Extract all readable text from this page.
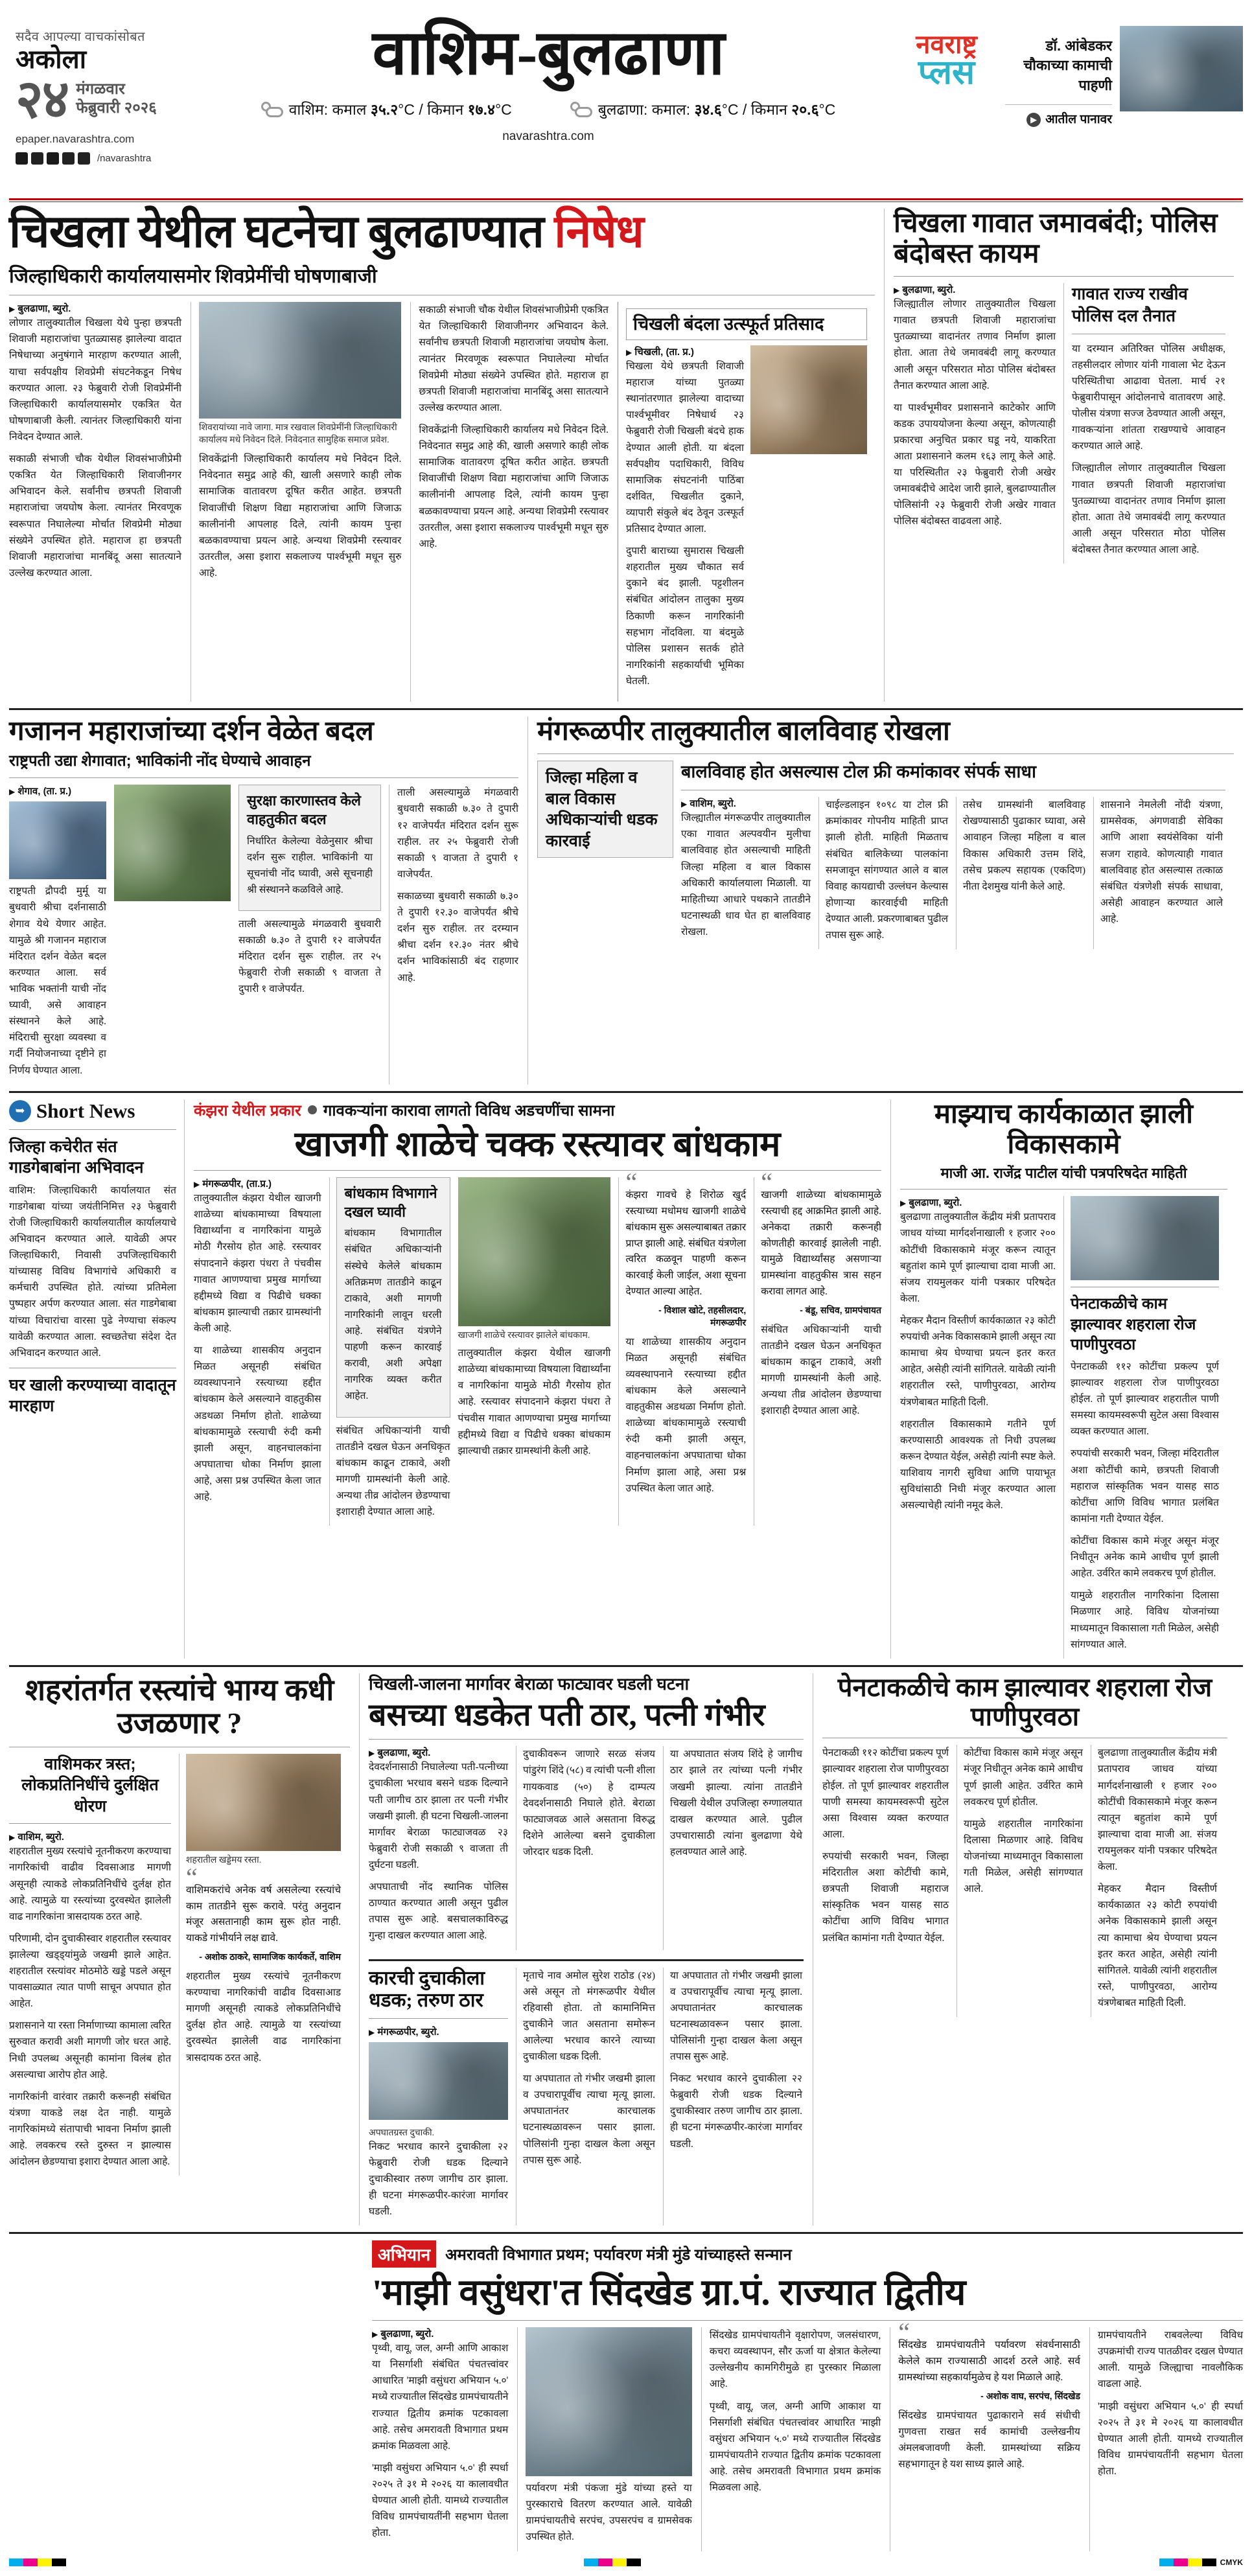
सदैव आपल्या वाचकांसोबत
अकोला
२४ मंगळवार
फेब्रुवारी २०२६
epaper.navarashtra.com
/navarashtra
वाशिम-बुलढाणा
वाशिम: कमाल ३५.२°C / किमान १७.४°C	बुलढाणा: कमाल: ३४.६°C / किमान २०.६°C
navarashtra.com
नवराष्ट्र
प्लस
डॉ. आंबेडकर चौकाच्या कामाची पाहणी
▶ आतील पानावर
चिखला येथील घटनेचा बुलढाण्यात निषेध
जिल्हाधिकारी कार्यालयासमोर शिवप्रेमींची घोषणाबाजी
▶ बुलढाणा, ब्युरो.

लोणार तालुक्यातील चिखला येथे पुन्हा छत्रपती शिवाजी महाराजांचा पुतळ्यासह झालेल्या वादात निषेधाच्या अनुषंगाने मारहाण करण्यात आली, याचा सर्वपक्षीय शिवप्रेमी संघटनेकडून निषेध करण्यात आला. २३ फेब्रुवारी रोजी शिवप्रेमींनी जिल्हाधिकारी कार्यालयासमोर एकत्रित येत घोषणाबाजी केली. त्यानंतर जिल्हाधिकारी यांना निवेदन देण्यात आले.

सकाळी संभाजी चौक येथील शिवसंभाजीप्रेमी एकत्रित येत जिल्हाधिकारी शिवाजीनगर अभिवादन केले. सर्वांनीच छत्रपती शिवाजी महाराजांचा जयघोष केला. त्यानंतर मिरवणूक स्वरूपात निघालेल्या मोर्चात शिवप्रेमी मोठ्या संख्येने उपस्थित होते. महाराज हा छत्रपती शिवाजी महाराजांचा मानबिंदू असा सातत्याने उल्लेख करण्यात आला.

शिवरायांच्या नावे जागा. मात्र रखवाल शिवप्रेमींनी जिल्हाधिकारी कार्यालय मधे निवेदन दिले. निवेदनात सामुहिक समाज प्रवेश.

शिवकेंद्रांनी जिल्हाधिकारी कार्यालय मधे निवेदन दिले. निवेदनात समुद्र आहे की, खाली असणारे काही लोक सामाजिक वातावरण दूषित करीत आहेत. छत्रपती शिवाजींची शिक्षण विद्या महाराजांचा आणि जिजाऊ कालीनांनी आपलाह दिले, त्यांनी कायम पुन्हा बळकावण्याचा प्रयत्न आहे. अन्यथा शिवप्रेमी रस्त्यावर उतरतील, असा इशारा सकलाज्य पार्श्वभूमी मधून सुरु आहे.

सकाळी संभाजी चौक येथील शिवसंभाजीप्रेमी एकत्रित येत जिल्हाधिकारी शिवाजीनगर अभिवादन केले. सर्वांनीच छत्रपती शिवाजी महाराजांचा जयघोष केला. त्यानंतर मिरवणूक स्वरूपात निघालेल्या मोर्चात शिवप्रेमी मोठ्या संख्येने उपस्थित होते. महाराज हा छत्रपती शिवाजी महाराजांचा मानबिंदू असा सातत्याने उल्लेख करण्यात आला.

शिवकेंद्रांनी जिल्हाधिकारी कार्यालय मधे निवेदन दिले. निवेदनात समुद्र आहे की, खाली असणारे काही लोक सामाजिक वातावरण दूषित करीत आहेत. छत्रपती शिवाजींची शिक्षण विद्या महाराजांचा आणि जिजाऊ कालीनांनी आपलाह दिले, त्यांनी कायम पुन्हा बळकावण्याचा प्रयत्न आहे. अन्यथा शिवप्रेमी रस्त्यावर उतरतील, असा इशारा सकलाज्य पार्श्वभूमी मधून सुरु आहे.

चिखली बंदला उत्स्फूर्त प्रतिसाद
▶ चिखली, (ता. प्र.)

चिखला येथे छत्रपती शिवाजी महाराज यांच्या पुतळ्या स्थानांतरणात झालेल्या वादाच्या पार्श्वभूमीवर निषेधार्थ २३ फेब्रुवारी रोजी चिखली बंदचे हाक देण्यात आली होती. या बंदला सर्वपक्षीय पदाधिकारी, विविध सामाजिक संघटनांनी पाठिंबा दर्शवित, चिखलीत दुकाने, व्यापारी संकुले बंद ठेवून उत्स्फूर्त प्रतिसाद देण्यात आला.

दुपारी बाराच्या सुमारास चिखली शहरातील मुख्य चौकात सर्व दुकाने बंद झाली. पट्टशीलन संबंधित आंदोलन तालुका मुख्य ठिकाणी करून नागरिकांनी सहभाग नोंदविला. या बंदमुळे पोलिस प्रशासन सतर्क होते नागरिकांनी सहकार्याची भूमिका घेतली.

चिखला गावात जमावबंदी; पोलिस बंदोबस्त कायम
▶ बुलढाणा, ब्युरो.

जिल्ह्यातील लोणार तालुक्यातील चिखला गावात छत्रपती शिवाजी महाराजांचा पुतळ्याच्या वादानंतर तणाव निर्माण झाला होता. आता तेथे जमावबंदी लागू करण्यात आली असून परिसरात मोठा पोलिस बंदोबस्त तैनात करण्यात आला आहे.

या पार्श्वभूमीवर प्रशासनाने काटेकोर आणि कडक उपाययोजना केल्या असून, कोणत्याही प्रकारचा अनुचित प्रकार घडू नये, याकरिता आता प्रशासनाने कलम १६३ लागू केले आहे. या परिस्थितीत २३ फेब्रुवारी रोजी अखेर जमावबंदीचे आदेश जारी झाले, बुलढाण्यातील पोलिसांनी २३ फेब्रुवारी रोजी अखेर गावात पोलिस बंदोबस्त वाढवला आहे.

गावात राज्य राखीव पोलिस दल तैनात

या दरम्यान अतिरिक्त पोलिस अधीक्षक, तहसीलदार लोणार यांनी गावाला भेट देऊन परिस्थितीचा आढावा घेतला. मार्च २१ फेब्रुवारीपासून आंदोलनाचे वातावरण आहे. पोलीस यंत्रणा सज्ज ठेवण्यात आली असून, गावकऱ्यांना शांतता राखण्याचे आवाहन करण्यात आले आहे.

जिल्ह्यातील लोणार तालुक्यातील चिखला गावात छत्रपती शिवाजी महाराजांचा पुतळ्याच्या वादानंतर तणाव निर्माण झाला होता. आता तेथे जमावबंदी लागू करण्यात आली असून परिसरात मोठा पोलिस बंदोबस्त तैनात करण्यात आला आहे.

गजानन महाराजांच्या दर्शन वेळेत बदल
राष्ट्रपती उद्या शेगावात; भाविकांनी नोंद घेण्याचे आवाहन
▶ शेगाव, (ता. प्र.)

राष्ट्रपती द्रौपदी मुर्मू या बुधवारी श्रीचा दर्शनासाठी शेगाव येथे येणार आहेत. यामुळे श्री गजानन महाराज मंदिरात दर्शन वेळेत बदल करण्यात आला. सर्व भाविक भक्तांनी याची नोंद घ्यावी, असे आवाहन संस्थानने केले आहे. मंदिराची सुरक्षा व्यवस्था व गर्दी नियोजनाच्या दृष्टीने हा निर्णय घेण्यात आला.

सुरक्षा कारणास्तव केले वाहतुकीत बदल

निर्धारित केलेल्या वेळेनुसार श्रीचा दर्शन सुरू राहील. भाविकांनी या सूचनांची नोंद घ्यावी, असे सूचनाही श्री संस्थानने कळविले आहे.

ताली असल्यामुळे मंगळवारी बुधवारी सकाळी ७.३० ते दुपारी १२ वाजेपर्यंत मंदिरात दर्शन सुरू राहील. तर २५ फेब्रुवारी रोजी सकाळी ९ वाजता ते दुपारी १ वाजेपर्यंत.

ताली असल्यामुळे मंगळवारी बुधवारी सकाळी ७.३० ते दुपारी १२ वाजेपर्यंत मंदिरात दर्शन सुरू राहील. तर २५ फेब्रुवारी रोजी सकाळी ९ वाजता ते दुपारी १ वाजेपर्यंत.

सकाळच्या बुधवारी सकाळी ७.३० ते दुपारी १२.३० वाजेपर्यंत श्रीचे दर्शन सुरु राहील. तर दरम्यान श्रीचा दर्शन १२.३० नंतर श्रीचे दर्शन भाविकांसाठी बंद राहणार आहे.

मंगरूळपीर तालुक्यातील बालविवाह रोखला
जिल्हा महिला व बाल विकास अधिकाऱ्यांची धडक कारवाई
बालविवाह होत असल्यास टोल फ्री कमांकावर संपर्क साधा
▶ वाशिम, ब्युरो.

जिल्ह्यातील मंगरूळपीर तालुक्यातील एका गावात अल्पवयीन मुलीचा बालविवाह होत असल्याची माहिती जिल्हा महिला व बाल विकास अधिकारी कार्यालयाला मिळाली. या माहितीच्या आधारे पथकाने तातडीने घटनास्थळी धाव घेत हा बालविवाह रोखला.

चाईल्डलाइन १०९८ या टोल फ्री क्रमांकावर गोपनीय माहिती प्राप्त झाली होती. माहिती मिळताच संबंधित बालिकेच्या पालकांना समजावून सांगण्यात आले व बाल विवाह कायद्याची उल्लंघन केल्यास होणाऱ्या कारवाईची माहिती देण्यात आली. प्रकरणाबाबत पुढील तपास सुरू आहे.

तसेच ग्रामस्थांनी बालविवाह रोखण्यासाठी पुढाकार घ्यावा, असे आवाहन जिल्हा महिला व बाल विकास अधिकारी उत्तम शिंदे, तसेच प्रकल्प सहायक (एकदिण) नीता देशमुख यांनी केले आहे.

शासनाने नेमलेली नोंदी यंत्रणा, ग्रामसेवक, अंगणवाडी सेविका आणि आशा स्वयंसेविका यांनी सजग राहावे. कोणत्याही गावात बालविवाह होत असल्यास तत्काळ संबंधित यंत्रणेशी संपर्क साधावा, असेही आवाहन करण्यात आले आहे.

➥ Short News
जिल्हा कचेरीत संत गाडगेबाबांना अभिवादन

वाशिम: जिल्हाधिकारी कार्यालयात संत गाडगेबाबा यांच्या जयंतीनिमित्त २३ फेब्रुवारी रोजी जिल्हाधिकारी कार्यालयातील कार्यालयाचे अभिवादन करण्यात आले. यावेळी अपर जिल्हाधिकारी, निवासी उपजिल्हाधिकारी यांच्यासह विविध विभागांचे अधिकारी व कर्मचारी उपस्थित होते. त्यांच्या प्रतिमेला पुष्पहार अर्पण करण्यात आला. संत गाडगेबाबा यांच्या विचारांचा वारसा पुढे नेण्याचा संकल्प यावेळी करण्यात आला. स्वच्छतेचा संदेश देत अभिवादन करण्यात आले.

घर खाली करण्याच्या वादातून मारहाण

कंझरा येथील प्रकार गावकऱ्यांना कारावा लागतो विविध अडचणींचा सामना
खाजगी शाळेचे चक्क रस्त्यावर बांधकाम
▶ मंगरूळपीर, (ता.प्र.)

तालुक्यातील कंझरा येथील खाजगी शाळेच्या बांधकामाच्या विषयाला विद्यार्थ्यांना व नागरिकांना यामुळे मोठी गैरसोय होत आहे. रस्त्यावर संपादनाने कंझरा पंधरा ते पंचवीस गावात आणण्याचा प्रमुख मार्गाच्या हद्दीमध्ये विद्या व पिढीचे धक्का बांधकाम झाल्याची तक्रार ग्रामस्थांनी केली आहे.

या शाळेच्या शासकीय अनुदान मिळत असूनही संबंधित व्यवस्थापनाने रस्त्याच्या हद्दीत बांधकाम केले असल्याने वाहतुकीस अडथळा निर्माण होतो. शाळेच्या बांधकामामुळे रस्त्याची रुंदी कमी झाली असून, वाहनचालकांना अपघाताचा धोका निर्माण झाला आहे, असा प्रश्न उपस्थित केला जात आहे.

बांधकाम विभागाने दखल घ्यावी

बांधकाम विभागातील संबंधित अधिकाऱ्यांनी संस्थेचे केलेले बांधकाम अतिक्रमण तातडीने काढून टाकावे, अशी मागणी नागरिकांनी लावून धरली आहे. संबंधित यंत्रणेने पाहणी करून कारवाई करावी, अशी अपेक्षा नागरिक व्यक्त करीत आहेत.

संबंधित अधिकाऱ्यांनी याची तातडीने दखल घेऊन अनधिकृत बांधकाम काढून टाकावे, अशी मागणी ग्रामस्थांनी केली आहे. अन्यथा तीव्र आंदोलन छेडण्याचा इशाराही देण्यात आला आहे.

खाजगी शाळेचे रस्त्यावर झालेले बांधकाम.

तालुक्यातील कंझरा येथील खाजगी शाळेच्या बांधकामाच्या विषयाला विद्यार्थ्यांना व नागरिकांना यामुळे मोठी गैरसोय होत आहे. रस्त्यावर संपादनाने कंझरा पंधरा ते पंचवीस गावात आणण्याचा प्रमुख मार्गाच्या हद्दीमध्ये विद्या व पिढीचे धक्का बांधकाम झाल्याची तक्रार ग्रामस्थांनी केली आहे.

“

कंझरा गावचे हे शिरोळ खुर्द रस्त्याच्या मधोमध खाजगी शाळेचे बांधकाम सुरू असल्याबाबत तक्रार प्राप्त झाली आहे. संबंधित यंत्रणेला त्वरित कळवून पाहणी करून कारवाई केली जाईल, अशा सूचना देण्यात आल्या आहेत.

- विशाल खोटे, तहसीलदार, मंगरूळपीर

या शाळेच्या शासकीय अनुदान मिळत असूनही संबंधित व्यवस्थापनाने रस्त्याच्या हद्दीत बांधकाम केले असल्याने वाहतुकीस अडथळा निर्माण होतो. शाळेच्या बांधकामामुळे रस्त्याची रुंदी कमी झाली असून, वाहनचालकांना अपघाताचा धोका निर्माण झाला आहे, असा प्रश्न उपस्थित केला जात आहे.

“

खाजगी शाळेच्या बांधकामामुळे रस्त्याची हद्द आक्रमित झाली आहे. अनेकदा तक्रारी करूनही कोणतीही कारवाई झालेली नाही. यामुळे विद्यार्थ्यांसह असणाऱ्या ग्रामस्थांना वाहतुकीस त्रास सहन करावा लागत आहे.

- बंडू, सचिव, ग्रामपंचायत

संबंधित अधिकाऱ्यांनी याची तातडीने दखल घेऊन अनधिकृत बांधकाम काढून टाकावे, अशी मागणी ग्रामस्थांनी केली आहे. अन्यथा तीव्र आंदोलन छेडण्याचा इशाराही देण्यात आला आहे.

माझ्याच कार्यकाळात झाली विकासकामे
माजी आ. राजेंद्र पाटील यांची पत्रपरिषदेत माहिती
▶ बुलढाणा, ब्युरो.

बुलढाणा तालुक्यातील केंद्रीय मंत्री प्रतापराव जाधव यांच्या मार्गदर्शनाखाली १ हजार २०० कोटींची विकासकामे मंजूर करून त्यातून बहुतांश कामे पूर्ण झाल्याचा दावा माजी आ. संजय रायमुलकर यांनी पत्रकार परिषदेत केला.

मेहकर मैदान विस्तीर्ण कार्यकाळात २३ कोटी रुपयांची अनेक विकासकामे झाली असून त्या कामाचा श्रेय घेण्याचा प्रयत्न इतर करत आहेत, असेही त्यांनी सांगितले. यावेळी त्यांनी शहरातील रस्ते, पाणीपुरवठा, आरोग्य यंत्रणेबाबत माहिती दिली.

शहरातील विकासकामे गतीने पूर्ण करण्यासाठी आवश्यक तो निधी उपलब्ध करून देण्यात येईल, असेही त्यांनी स्पष्ट केले. याशिवाय नागरी सुविधा आणि पायाभूत सुविधांसाठी निधी मंजूर करण्यात आला असल्याचेही त्यांनी नमूद केले.

पेनटाकळीचे काम झाल्यावर शहराला रोज पाणीपुरवठा

पेनटाकळी ११२ कोटींचा प्रकल्प पूर्ण झाल्यावर शहराला रोज पाणीपुरवठा होईल. तो पूर्ण झाल्यावर शहरातील पाणी समस्या कायमस्वरूपी सुटेल असा विश्वास व्यक्त करण्यात आला.

रुपयांची सरकारी भवन, जिल्हा मंदिरातील अशा कोटींची कामे, छत्रपती शिवाजी महाराज सांस्कृतिक भवन यासह साठ कोटींचा आणि विविध भागात प्रलंबित कामांना गती देण्यात येईल.

कोटींचा विकास कामे मंजूर असून मंजूर निधीतून अनेक कामे आधीच पूर्ण झाली आहेत. उर्वरित कामे लवकरच पूर्ण होतील.

यामुळे शहरातील नागरिकांना दिलासा मिळणार आहे. विविध योजनांच्या माध्यमातून विकासाला गती मिळेल, असेही सांगण्यात आले.

शहरांतर्गत रस्त्यांचे भाग्य कधी उजळणार ?
वाशिमकर त्रस्त; लोकप्रतिनिधींचे दुर्लक्षित धोरण
▶ वाशिम, ब्युरो.

शहरातील मुख्य रस्त्यांचे नूतनीकरण करण्याचा नागरिकांची वाढीव दिवसाआड मागणी असूनही त्याकडे लोकप्रतिनिधींचे दुर्लक्ष होत आहे. त्यामुळे या रस्त्यांच्या दुरवस्थेत झालेली वाढ नागरिकांना त्रासदायक ठरत आहे.

परिणामी, दोन दुचाकीस्वार शहरातील रस्त्यावर झालेल्या खड्ड्यांमुळे जखमी झाले आहेत. शहरातील रस्त्यांवर मोठमोठे खड्डे पडले असून पावसाळ्यात त्यात पाणी साचून अपघात होत आहेत.

प्रशासनाने या रस्ता निर्माणाच्या कामाला त्वरित सुरुवात करावी अशी मागणी जोर धरत आहे. निधी उपलब्ध असूनही कामांना विलंब होत असल्याचा आरोप होत आहे.

नागरिकांनी वारंवार तक्रारी करूनही संबंधित यंत्रणा याकडे लक्ष देत नाही. यामुळे नागरिकांमध्ये संतापाची भावना निर्माण झाली आहे. लवकरच रस्ते दुरुस्त न झाल्यास आंदोलन छेडण्याचा इशारा देण्यात आला आहे.

शहरातील खड्डेमय रस्ता.
“

वाशिमकरांचे अनेक वर्ष असलेल्या रस्त्यांचे काम तातडीने सुरू करावे. परंतु अनुदान मंजूर असतानाही काम सुरू होत नाही. याकडे गांभीर्याने लक्ष द्यावे.

- अशोक ठाकरे, सामाजिक कार्यकर्ते, वाशिम

शहरातील मुख्य रस्त्यांचे नूतनीकरण करण्याचा नागरिकांची वाढीव दिवसाआड मागणी असूनही त्याकडे लोकप्रतिनिधींचे दुर्लक्ष होत आहे. त्यामुळे या रस्त्यांच्या दुरवस्थेत झालेली वाढ नागरिकांना त्रासदायक ठरत आहे.

चिखली-जालना मार्गावर बेराळा फाट्यावर घडली घटना
बसच्या धडकेत पती ठार, पत्नी गंभीर
▶ बुलढाणा, ब्युरो.

देवदर्शनासाठी निघालेल्या पती-पत्नीच्या दुचाकीला भरधाव बसने धडक दिल्याने पती जागीच ठार झाला तर पत्नी गंभीर जखमी झाली. ही घटना चिखली-जालना मार्गावर बेराळा फाट्याजवळ २३ फेब्रुवारी रोजी सकाळी ९ वाजता ती दुर्घटना घडली.

अपघाताची नोंद स्थानिक पोलिस ठाण्यात करण्यात आली असून पुढील तपास सुरू आहे. बसचालकाविरुद्ध गुन्हा दाखल करण्यात आला आहे.

दुचाकीवरून जाणारे सरळ संजय पांडुरंग शिंदे (५८) व त्यांची पत्नी शीला गायकवाड (५०) हे दाम्पत्य देवदर्शनासाठी निघाले होते. बेराळा फाट्याजवळ आले असताना विरुद्ध दिशेने आलेल्या बसने दुचाकीला जोरदार धडक दिली.

या अपघातात संजय शिंदे हे जागीच ठार झाले तर त्यांच्या पत्नी गंभीर जखमी झाल्या. त्यांना तातडीने चिखली येथील उपजिल्हा रुग्णालयात दाखल करण्यात आले. पुढील उपचारासाठी त्यांना बुलढाणा येथे हलवण्यात आले आहे.

कारची दुचाकीला धडक; तरुण ठार
▶ मंगरूळपीर, ब्युरो.
अपघातग्रस्त दुचाकी.

निकट भरधाव कारने दुचाकीला २२ फेब्रुवारी रोजी धडक दिल्याने दुचाकीस्वार तरुण जागीच ठार झाला. ही घटना मंगरूळपीर-कारंजा मार्गावर घडली.

मृताचे नाव अमोल सुरेश राठोड (२४) असे असून तो मंगरूळपीर येथील रहिवासी होता. तो कामानिमित्त दुचाकीने जात असताना समोरून आलेल्या भरधाव कारने त्याच्या दुचाकीला धडक दिली.

या अपघातात तो गंभीर जखमी झाला व उपचारापूर्वीच त्याचा मृत्यू झाला. अपघातानंतर कारचालक घटनास्थळावरून पसार झाला. पोलिसांनी गुन्हा दाखल केला असून तपास सुरू आहे.

या अपघातात तो गंभीर जखमी झाला व उपचारापूर्वीच त्याचा मृत्यू झाला. अपघातानंतर कारचालक घटनास्थळावरून पसार झाला. पोलिसांनी गुन्हा दाखल केला असून तपास सुरू आहे.

निकट भरधाव कारने दुचाकीला २२ फेब्रुवारी रोजी धडक दिल्याने दुचाकीस्वार तरुण जागीच ठार झाला. ही घटना मंगरूळपीर-कारंजा मार्गावर घडली.

पेनटाकळीचे काम झाल्यावर शहराला रोज पाणीपुरवठा

पेनटाकळी ११२ कोटींचा प्रकल्प पूर्ण झाल्यावर शहराला रोज पाणीपुरवठा होईल. तो पूर्ण झाल्यावर शहरातील पाणी समस्या कायमस्वरूपी सुटेल असा विश्वास व्यक्त करण्यात आला.

रुपयांची सरकारी भवन, जिल्हा मंदिरातील अशा कोटींची कामे, छत्रपती शिवाजी महाराज सांस्कृतिक भवन यासह साठ कोटींचा आणि विविध भागात प्रलंबित कामांना गती देण्यात येईल.

कोटींचा विकास कामे मंजूर असून मंजूर निधीतून अनेक कामे आधीच पूर्ण झाली आहेत. उर्वरित कामे लवकरच पूर्ण होतील.

यामुळे शहरातील नागरिकांना दिलासा मिळणार आहे. विविध योजनांच्या माध्यमातून विकासाला गती मिळेल, असेही सांगण्यात आले.

बुलढाणा तालुक्यातील केंद्रीय मंत्री प्रतापराव जाधव यांच्या मार्गदर्शनाखाली १ हजार २०० कोटींची विकासकामे मंजूर करून त्यातून बहुतांश कामे पूर्ण झाल्याचा दावा माजी आ. संजय रायमुलकर यांनी पत्रकार परिषदेत केला.

मेहकर मैदान विस्तीर्ण कार्यकाळात २३ कोटी रुपयांची अनेक विकासकामे झाली असून त्या कामाचा श्रेय घेण्याचा प्रयत्न इतर करत आहेत, असेही त्यांनी सांगितले. यावेळी त्यांनी शहरातील रस्ते, पाणीपुरवठा, आरोग्य यंत्रणेबाबत माहिती दिली.

अभियान अमरावती विभागात प्रथम; पर्यावरण मंत्री मुंडे यांच्याहस्ते सन्मान
'माझी वसुंधरा'त सिंदखेड ग्रा.पं. राज्यात द्वितीय
▶ बुलढाणा, ब्युरो.

पृथ्वी, वायू, जल, अग्नी आणि आकाश या निसर्गाशी संबंधित पंचतत्त्वांवर आधारित 'माझी वसुंधरा अभियान ५.०' मध्ये राज्यातील सिंदखेड ग्रामपंचायतीने राज्यात द्वितीय क्रमांक पटकावला आहे. तसेच अमरावती विभागात प्रथम क्रमांक मिळवला आहे.

'माझी वसुंधरा अभियान ५.०' ही स्पर्धा २०२५ ते ३१ मे २०२६ या कालावधीत घेण्यात आली होती. यामध्ये राज्यातील विविध ग्रामपंचायतींनी सहभाग घेतला होता.

पर्यावरण मंत्री पंकजा मुंडे यांच्या हस्ते या पुरस्काराचे वितरण करण्यात आले. यावेळी ग्रामपंचायतीचे सरपंच, उपसरपंच व ग्रामसेवक उपस्थित होते.

सिंदखेड ग्रामपंचायतीने वृक्षारोपण, जलसंधारण, कचरा व्यवस्थापन, सौर ऊर्जा या क्षेत्रात केलेल्या उल्लेखनीय कामगिरीमुळे हा पुरस्कार मिळाला आहे.

पृथ्वी, वायू, जल, अग्नी आणि आकाश या निसर्गाशी संबंधित पंचतत्त्वांवर आधारित 'माझी वसुंधरा अभियान ५.०' मध्ये राज्यातील सिंदखेड ग्रामपंचायतीने राज्यात द्वितीय क्रमांक पटकावला आहे. तसेच अमरावती विभागात प्रथम क्रमांक मिळवला आहे.

“

सिंदखेड ग्रामपंचायतीने पर्यावरण संवर्धनासाठी केलेले काम राज्यासाठी आदर्श ठरले आहे. सर्व ग्रामस्थांच्या सहकार्यामुळेच हे यश मिळाले आहे.

- अशोक वाघ, सरपंच, सिंदखेड

सिंदखेड ग्रामपंचायत पुढाकाराने सर्व संधीची गुणवत्ता राखत सर्व कामांची उल्लेखनीय अंमलबजावणी केली. ग्रामस्थांच्या सक्रिय सहभागातून हे यश साध्य झाले आहे.

ग्रामपंचायतीने राबवलेल्या विविध उपक्रमांची राज्य पातळीवर दखल घेण्यात आली. यामुळे जिल्ह्याचा नावलौकिक वाढला आहे.

'माझी वसुंधरा अभियान ५.०' ही स्पर्धा २०२५ ते ३१ मे २०२६ या कालावधीत घेण्यात आली होती. यामध्ये राज्यातील विविध ग्रामपंचायतींनी सहभाग घेतला होता.

CMYK
